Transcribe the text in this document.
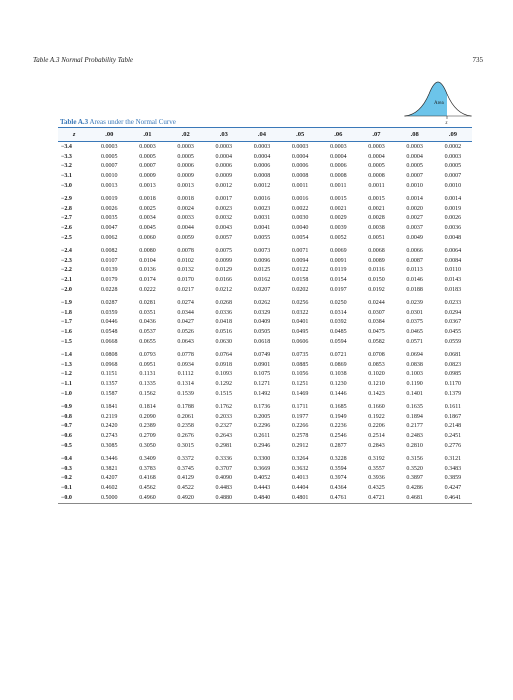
Table A.3 Normal Probability Table	735
Area
z
Table A.3 Areas under the Normal Curve
z	.00	.01	.02	.03	.04	.05	.06	.07	.08	.09
−3.4	0.0003	0.0003	0.0003	0.0003	0.0003	0.0003	0.0003	0.0003	0.0003	0.0002
−3.3	0.0005	0.0005	0.0005	0.0004	0.0004	0.0004	0.0004	0.0004	0.0004	0.0003
−3.2	0.0007	0.0007	0.0006	0.0006	0.0006	0.0006	0.0006	0.0005	0.0005	0.0005
−3.1	0.0010	0.0009	0.0009	0.0009	0.0008	0.0008	0.0008	0.0008	0.0007	0.0007
−3.0	0.0013	0.0013	0.0013	0.0012	0.0012	0.0011	0.0011	0.0011	0.0010	0.0010
−2.9	0.0019	0.0018	0.0018	0.0017	0.0016	0.0016	0.0015	0.0015	0.0014	0.0014
−2.8	0.0026	0.0025	0.0024	0.0023	0.0023	0.0022	0.0021	0.0021	0.0020	0.0019
−2.7	0.0035	0.0034	0.0033	0.0032	0.0031	0.0030	0.0029	0.0028	0.0027	0.0026
−2.6	0.0047	0.0045	0.0044	0.0043	0.0041	0.0040	0.0039	0.0038	0.0037	0.0036
−2.5	0.0062	0.0060	0.0059	0.0057	0.0055	0.0054	0.0052	0.0051	0.0049	0.0048
−2.4	0.0082	0.0080	0.0078	0.0075	0.0073	0.0071	0.0069	0.0068	0.0066	0.0064
−2.3	0.0107	0.0104	0.0102	0.0099	0.0096	0.0094	0.0091	0.0089	0.0087	0.0084
−2.2	0.0139	0.0136	0.0132	0.0129	0.0125	0.0122	0.0119	0.0116	0.0113	0.0110
−2.1	0.0179	0.0174	0.0170	0.0166	0.0162	0.0158	0.0154	0.0150	0.0146	0.0143
−2.0	0.0228	0.0222	0.0217	0.0212	0.0207	0.0202	0.0197	0.0192	0.0188	0.0183
−1.9	0.0287	0.0281	0.0274	0.0268	0.0262	0.0256	0.0250	0.0244	0.0239	0.0233
−1.8	0.0359	0.0351	0.0344	0.0336	0.0329	0.0322	0.0314	0.0307	0.0301	0.0294
−1.7	0.0446	0.0436	0.0427	0.0418	0.0409	0.0401	0.0392	0.0384	0.0375	0.0367
−1.6	0.0548	0.0537	0.0526	0.0516	0.0505	0.0495	0.0485	0.0475	0.0465	0.0455
−1.5	0.0668	0.0655	0.0643	0.0630	0.0618	0.0606	0.0594	0.0582	0.0571	0.0559
−1.4	0.0808	0.0793	0.0778	0.0764	0.0749	0.0735	0.0721	0.0708	0.0694	0.0681
−1.3	0.0968	0.0951	0.0934	0.0918	0.0901	0.0885	0.0869	0.0853	0.0838	0.0823
−1.2	0.1151	0.1131	0.1112	0.1093	0.1075	0.1056	0.1038	0.1020	0.1003	0.0985
−1.1	0.1357	0.1335	0.1314	0.1292	0.1271	0.1251	0.1230	0.1210	0.1190	0.1170
−1.0	0.1587	0.1562	0.1539	0.1515	0.1492	0.1469	0.1446	0.1423	0.1401	0.1379
−0.9	0.1841	0.1814	0.1788	0.1762	0.1736	0.1711	0.1685	0.1660	0.1635	0.1611
−0.8	0.2119	0.2090	0.2061	0.2033	0.2005	0.1977	0.1949	0.1922	0.1894	0.1867
−0.7	0.2420	0.2389	0.2358	0.2327	0.2296	0.2266	0.2236	0.2206	0.2177	0.2148
−0.6	0.2743	0.2709	0.2676	0.2643	0.2611	0.2578	0.2546	0.2514	0.2483	0.2451
−0.5	0.3085	0.3050	0.3015	0.2981	0.2946	0.2912	0.2877	0.2843	0.2810	0.2776
−0.4	0.3446	0.3409	0.3372	0.3336	0.3300	0.3264	0.3228	0.3192	0.3156	0.3121
−0.3	0.3821	0.3783	0.3745	0.3707	0.3669	0.3632	0.3594	0.3557	0.3520	0.3483
−0.2	0.4207	0.4168	0.4129	0.4090	0.4052	0.4013	0.3974	0.3936	0.3897	0.3859
−0.1	0.4602	0.4562	0.4522	0.4483	0.4443	0.4404	0.4364	0.4325	0.4286	0.4247
−0.0	0.5000	0.4960	0.4920	0.4880	0.4840	0.4801	0.4761	0.4721	0.4681	0.4641
